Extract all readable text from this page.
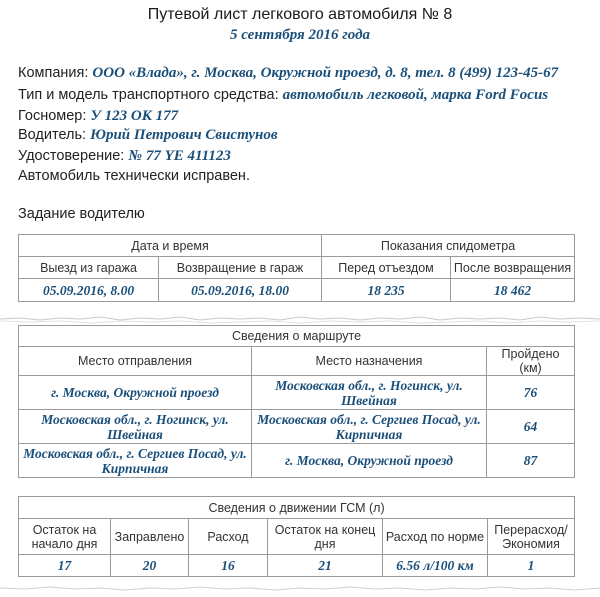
Путевой лист легкового автомобиля № 8
5 сентября 2016 года
Компания: ООО «Влада», г. Москва, Окружной проезд, д. 8, тел. 8 (499) 123-45-67
Тип и модель транспортного средства: автомобиль легковой, марка Ford Focus
Госномер: У 123 ОК 177
Водитель: Юрий Петрович Свистунов
Удостоверение: № 77 YE 411123
Автомобиль технически исправен.
Задание водителю
Дата и время		Показания спидометра	
Выезд из гаража	Возвращение в гараж	Перед отъездом	После возвращения
05.09.2016, 8.00	05.09.2016, 18.00	18 235	18 462
Сведения о маршруте		
Место отправления	Место назначения	Пройдено (км)
г. Москва, Окружной проезд	Московская обл., г. Ногинск, ул. Швейная	76
Московская обл., г. Ногинск, ул. Швейная	Московская обл., г. Сергиев Посад, ул. Кирпичная	64
Московская обл., г. Сергиев Посад, ул. Кирпичная	г. Москва, Окружной проезд	87
Сведения о движении ГСМ (л)					
Остаток на начало дня	Заправлено	Расход	Остаток на конец дня	Расход по норме	Перерасход/ Экономия
17	20	16	21	6.56 л/100 км	1
